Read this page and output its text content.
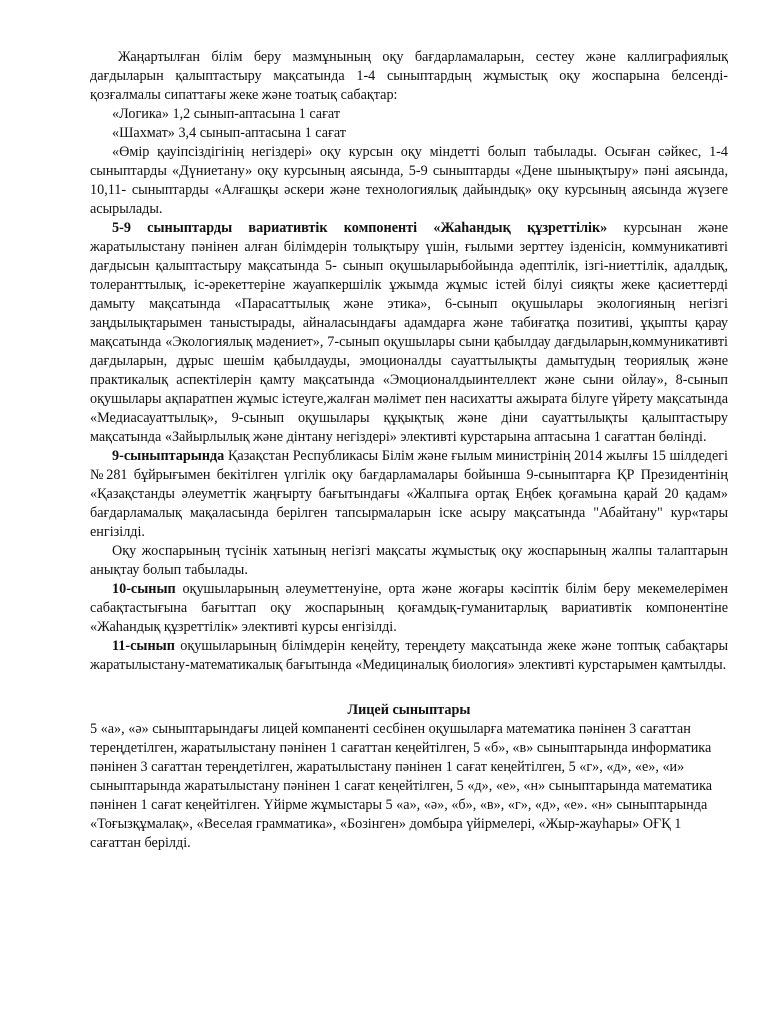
Жаңартылған білім беру мазмұнының оқу бағдарламаларын, сестеу және каллиграфиялық дағдыларын қалыптастыру мақсатында 1-4 сыныптардың жұмыстық оқу жоспарына белсенді-қозғалмалы сипаттағы жеке және тоатық сабақтар:

«Логика» 1,2 сынып-аптасына 1 сағат

«Шахмат» 3,4 сынып-аптасына 1 сағат

«Өмір қауіпсіздігінің негіздері» оқу курсын оқу міндетті болып табылады. Осыған сәйкес, 1-4 сыныптарды «Дүниетану» оқу курсының аясында, 5-9 сыныптарды «Дене шынықтыру» пәні аясында, 10,11- сыныптарды «Алғашқы әскери және технологиялық дайындық» оқу курсының аясында жүзеге асырылады.

5-9 сыныптарды вариативтік компоненті «Жаһандық құзреттілік» курсынан және жаратылыстану пәнінен алған білімдерін толықтыру үшін, ғылыми зерттеу ізденісін, коммуникативті дағдысын қалыптастыру мақсатында 5- сынып оқушыларыбойында әдептілік, ізгі-ниеттілік, адалдық, толеранттылық, іс-әрекеттеріне жауапкершілік ұжымда жұмыс істей білуі сияқты жеке қасиеттерді дамыту мақсатында «Парасаттылық және этика», 6-сынып оқушылары экологияның негізгі заңдылықтарымен таныстырады, айналасындағы адамдарға және табиғатқа позитиві, ұқыпты қарау мақсатында «Экологиялық мәдениет», 7-сынып оқушылары сыни қабылдау дағдыларын,коммуникативті дағдыларын, дұрыс шешім қабылдауды, эмоционалды сауаттылықты дамытудың теориялық және практикалық аспектілерін қамту мақсатында «Эмоционалдыинтеллект және сыни ойлау», 8-сынып оқушылары ақпаратпен жұмыс істеуге,жалған мәлімет пен насихатты ажырата білуге үйрету мақсатында «Медиасауаттылық», 9-сынып оқушылары құқықтық және діни сауаттылықты қалыптастыру мақсатында «Зайырлылық және дінтану негіздері» элективті курстарына аптасына 1 сағаттан бөлінді.

9-сыныптарында Қазақстан Республикасы Білім және ғылым министрінің 2014 жылғы 15 шілдедегі №281 бұйрығымен бекітілген үлгілік оқу бағдарламалары бойынша 9-сыныптарға ҚР Президентінің «Қазақстанды әлеуметтік жаңғырту бағытындағы «Жалпыға ортақ Еңбек қоғамына қарай 20 қадам» бағдарламалық мақаласында берілген тапсырмаларын іске асыру мақсатында "Абайтану" кур«тары енгізілді.

Оқу жоспарының түсінік хатының негізгі мақсаты жұмыстық оқу жоспарының жалпы талаптарын анықтау болып табылады.

10-сынып оқушыларының әлеуметтенуіне, орта және жоғары кәсіптік білім беру мекемелерімен сабақтастығына бағыттап оқу жоспарының қоғамдық-гуманитарлық вариативтік компонентіне «Жаһандық құзреттілік» элективті курсы енгізілді.

11-сынып оқушыларының білімдерін кеңейту, тереңдету мақсатында жеке және топтық сабақтары жаратылыстану-математикалық бағытында «Медициналық биология» элективті курстарымен қамтылды.

Лицей сыныптары

5 «а», «ә» сыныптарындағы лицей компаненті сесбінен оқушыларға математика пәнінен 3 сағаттан тереңдетілген, жаратылыстану пәнінен 1 сағаттан кеңейтілген, 5 «б», «в» сыныптарында информатика пәнінен 3 сағаттан тереңдетілген, жаратылыстану пәнінен 1 сағат кеңейтілген, 5 «г», «д», «е», «и» сыныптарында жаратылыстану пәнінен 1 сағат кеңейтілген, 5 «д», «е», «н» сыныптарында математика пәнінен 1 сағат кеңейтілген. Үйірме жұмыстары 5 «а», «ә», «б», «в», «г», «д», «е». «н» сыныптарында «Тоғызқұмалақ», «Веселая грамматика», «Бозінген» домбыра үйірмелері, «Жыр-жауһары» ОҒҚ 1 сағаттан берілді.
